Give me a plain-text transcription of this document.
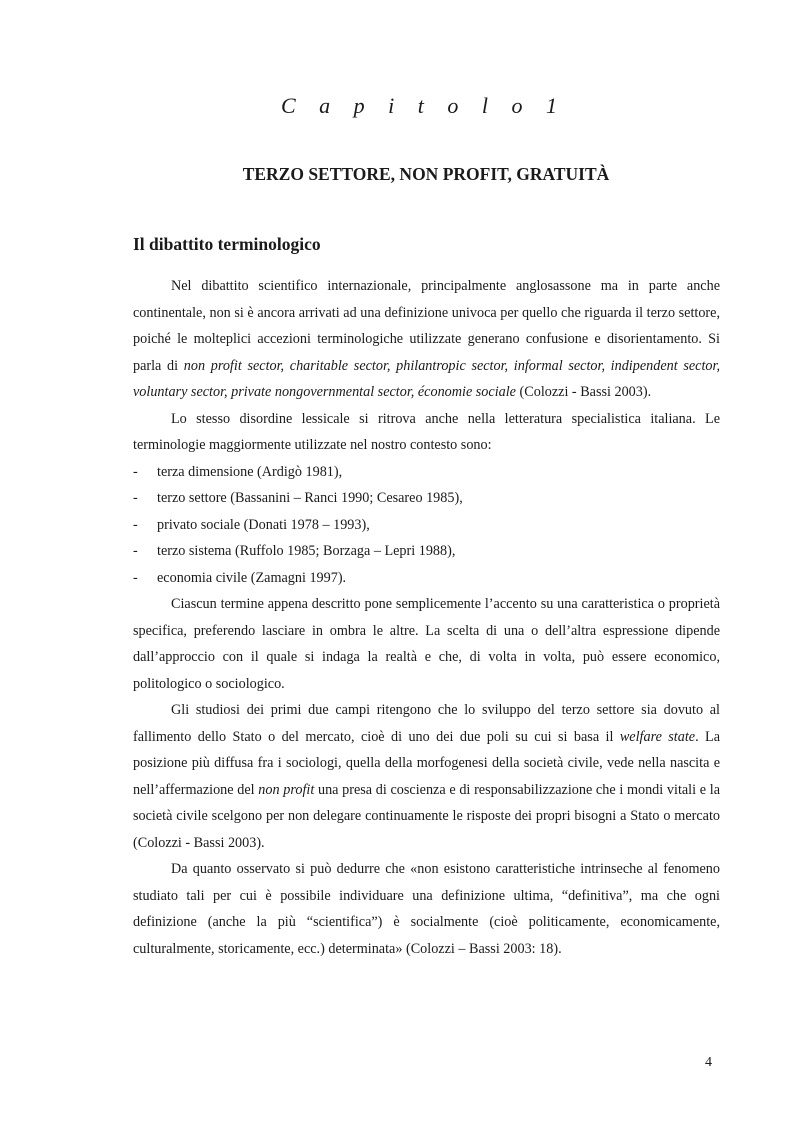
C a p i t o l o 1
TERZO SETTORE, NON PROFIT, GRATUITÀ
Il dibattito terminologico

Nel dibattito scientifico internazionale, principalmente anglosassone ma in parte anche continentale, non si è ancora arrivati ad una definizione univoca per quello che riguarda il terzo settore, poiché le molteplici accezioni terminologiche utilizzate generano confusione e disorientamento. Si parla di non profit sector, charitable sector, philantropic sector, informal sector, indipendent sector, voluntary sector, private nongovernmental sector, économie sociale (Colozzi - Bassi 2003).

Lo stesso disordine lessicale si ritrova anche nella letteratura specialistica italiana. Le terminologie maggiormente utilizzate nel nostro contesto sono:

- terza dimensione (Ardigò 1981),
- terzo settore (Bassanini – Ranci 1990; Cesareo 1985),
- privato sociale (Donati 1978 – 1993),
- terzo sistema (Ruffolo 1985; Borzaga – Lepri 1988),
- economia civile (Zamagni 1997).

Ciascun termine appena descritto pone semplicemente l’accento su una caratteristica o proprietà specifica, preferendo lasciare in ombra le altre. La scelta di una o dell’altra espressione dipende dall’approccio con il quale si indaga la realtà e che, di volta in volta, può essere economico, politologico o sociologico.

Gli studiosi dei primi due campi ritengono che lo sviluppo del terzo settore sia dovuto al fallimento dello Stato o del mercato, cioè di uno dei due poli su cui si basa il welfare state. La posizione più diffusa fra i sociologi, quella della morfogenesi della società civile, vede nella nascita e nell’affermazione del non profit una presa di coscienza e di responsabilizzazione che i mondi vitali e la società civile scelgono per non delegare continuamente le risposte dei propri bisogni a Stato o mercato (Colozzi - Bassi 2003).

Da quanto osservato si può dedurre che «non esistono caratteristiche intrinseche al fenomeno studiato tali per cui è possibile individuare una definizione ultima, “definitiva”, ma che ogni definizione (anche la più “scientifica”) è socialmente (cioè politicamente, economicamente, culturalmente, storicamente, ecc.) determinata» (Colozzi – Bassi 2003: 18).

4
